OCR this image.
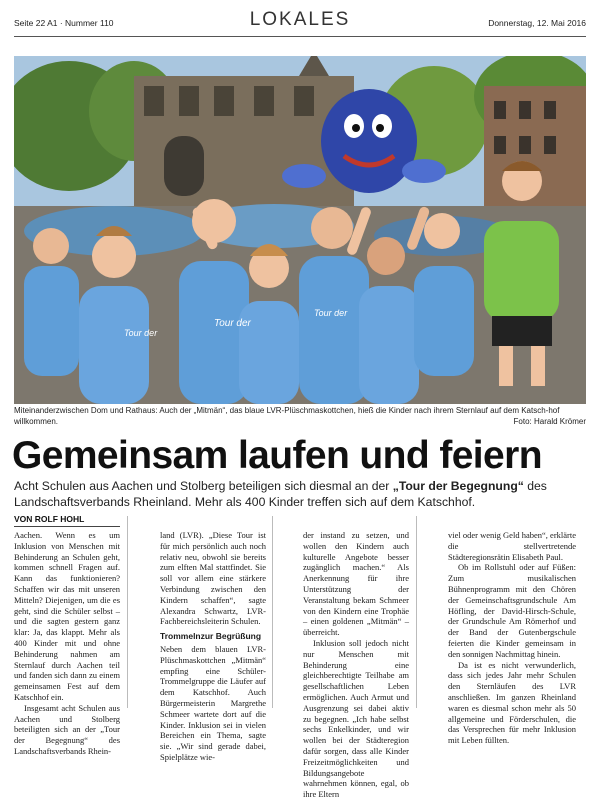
Seite 22 A1 · Nummer 110	LOKALES	Donnerstag, 12. Mai 2016
Tour der
Tour der
Tour der
Miteinanderzwischen Dom und Rathaus: Auch der „Mitmän“, das blaue LVR-Plüschmaskottchen, hieß die Kinder nach ihrem Sternlauf auf dem Katsch-hof willkommen.	Foto: Harald Krömer
Gemeinsam laufen und feiern
Acht Schulen aus Aachen und Stolberg beteiligen sich diesmal an der „Tour der Begegnung“ des Landschaftsverbands Rheinland. Mehr als 400 Kinder treffen sich auf dem Katschhof.
VON ROLF HOHL

Aachen. Wenn es um Inklusion von Menschen mit Behinderung an Schulen geht, kommen schnell Fragen auf. Kann das funktionieren? Schaffen wir das mit unseren Mitteln? Diejenigen, um die es geht, sind die Schüler selbst – und die sagten gestern ganz klar: Ja, das klappt. Mehr als 400 Kinder mit und ohne Behinderung nahmen am Sternlauf durch Aachen teil und fanden sich dann zu einem gemeinsamen Fest auf dem Katschhof ein.

Insgesamt acht Schulen aus Aachen und Stolberg beteiligten sich an der „Tour der Begegnung“ des Landschaftsverbands Rhein-

land (LVR). „Diese Tour ist für mich persönlich auch noch relativ neu, obwohl sie bereits zum elften Mal stattfindet. Sie soll vor allem eine stärkere Verbindung zwischen den Kindern schaffen“, sagte Alexandra Schwartz, LVR-Fachbereichsleiterin Schulen.

Trommelnzur Begrüßung

Neben dem blauen LVR-Plüschmaskottchen „Mitmän“ empfing eine Schüler-Trommelgruppe die Läufer auf dem Katschhof. Auch Bürgermeisterin Margrethe Schmeer wartete dort auf die Kinder. Inklusion sei in vielen Bereichen ein Thema, sagte sie. „Wir sind gerade dabei, Spielplätze wie-

der instand zu setzen, und wollen den Kindern auch kulturelle Angebote besser zugänglich machen.“ Als Anerkennung für ihre Unterstützung der Veranstaltung bekam Schmeer von den Kindern eine Trophäe – einen goldenen „Mitmän“ – überreicht.

Inklusion soll jedoch nicht nur Menschen mit Behinderung eine gleichberechtigte Teilhabe am gesellschaftlichen Leben ermöglichen. Auch Armut und Ausgrenzung sei dabei aktiv zu begegnen. „Ich habe selbst sechs Enkelkinder, und wir wollen bei der Städteregion dafür sorgen, dass alle Kinder Freizeitmöglichkeiten und Bildungsangebote wahrnehmen können, egal, ob ihre Eltern

viel oder wenig Geld haben“, erklärte die stellvertretende Städteregionsrätin Elisabeth Paul.

Ob im Rollstuhl oder auf Füßen: Zum musikalischen Bühnenprogramm mit den Chören der Gemeinschaftsgrundschule Am Höfling, der David-Hirsch-Schule, der Grundschule Am Römerhof und der Band der Gutenbergschule feierten die Kinder gemeinsam in den sonnigen Nachmittag hinein.

Da ist es nicht verwunderlich, dass sich jedes Jahr mehr Schulen den Sternläufen des LVR anschließen. Im ganzen Rheinland waren es diesmal schon mehr als 50 allgemeine und Förderschulen, die das Versprechen für mehr Inklusion mit Leben füllten.
